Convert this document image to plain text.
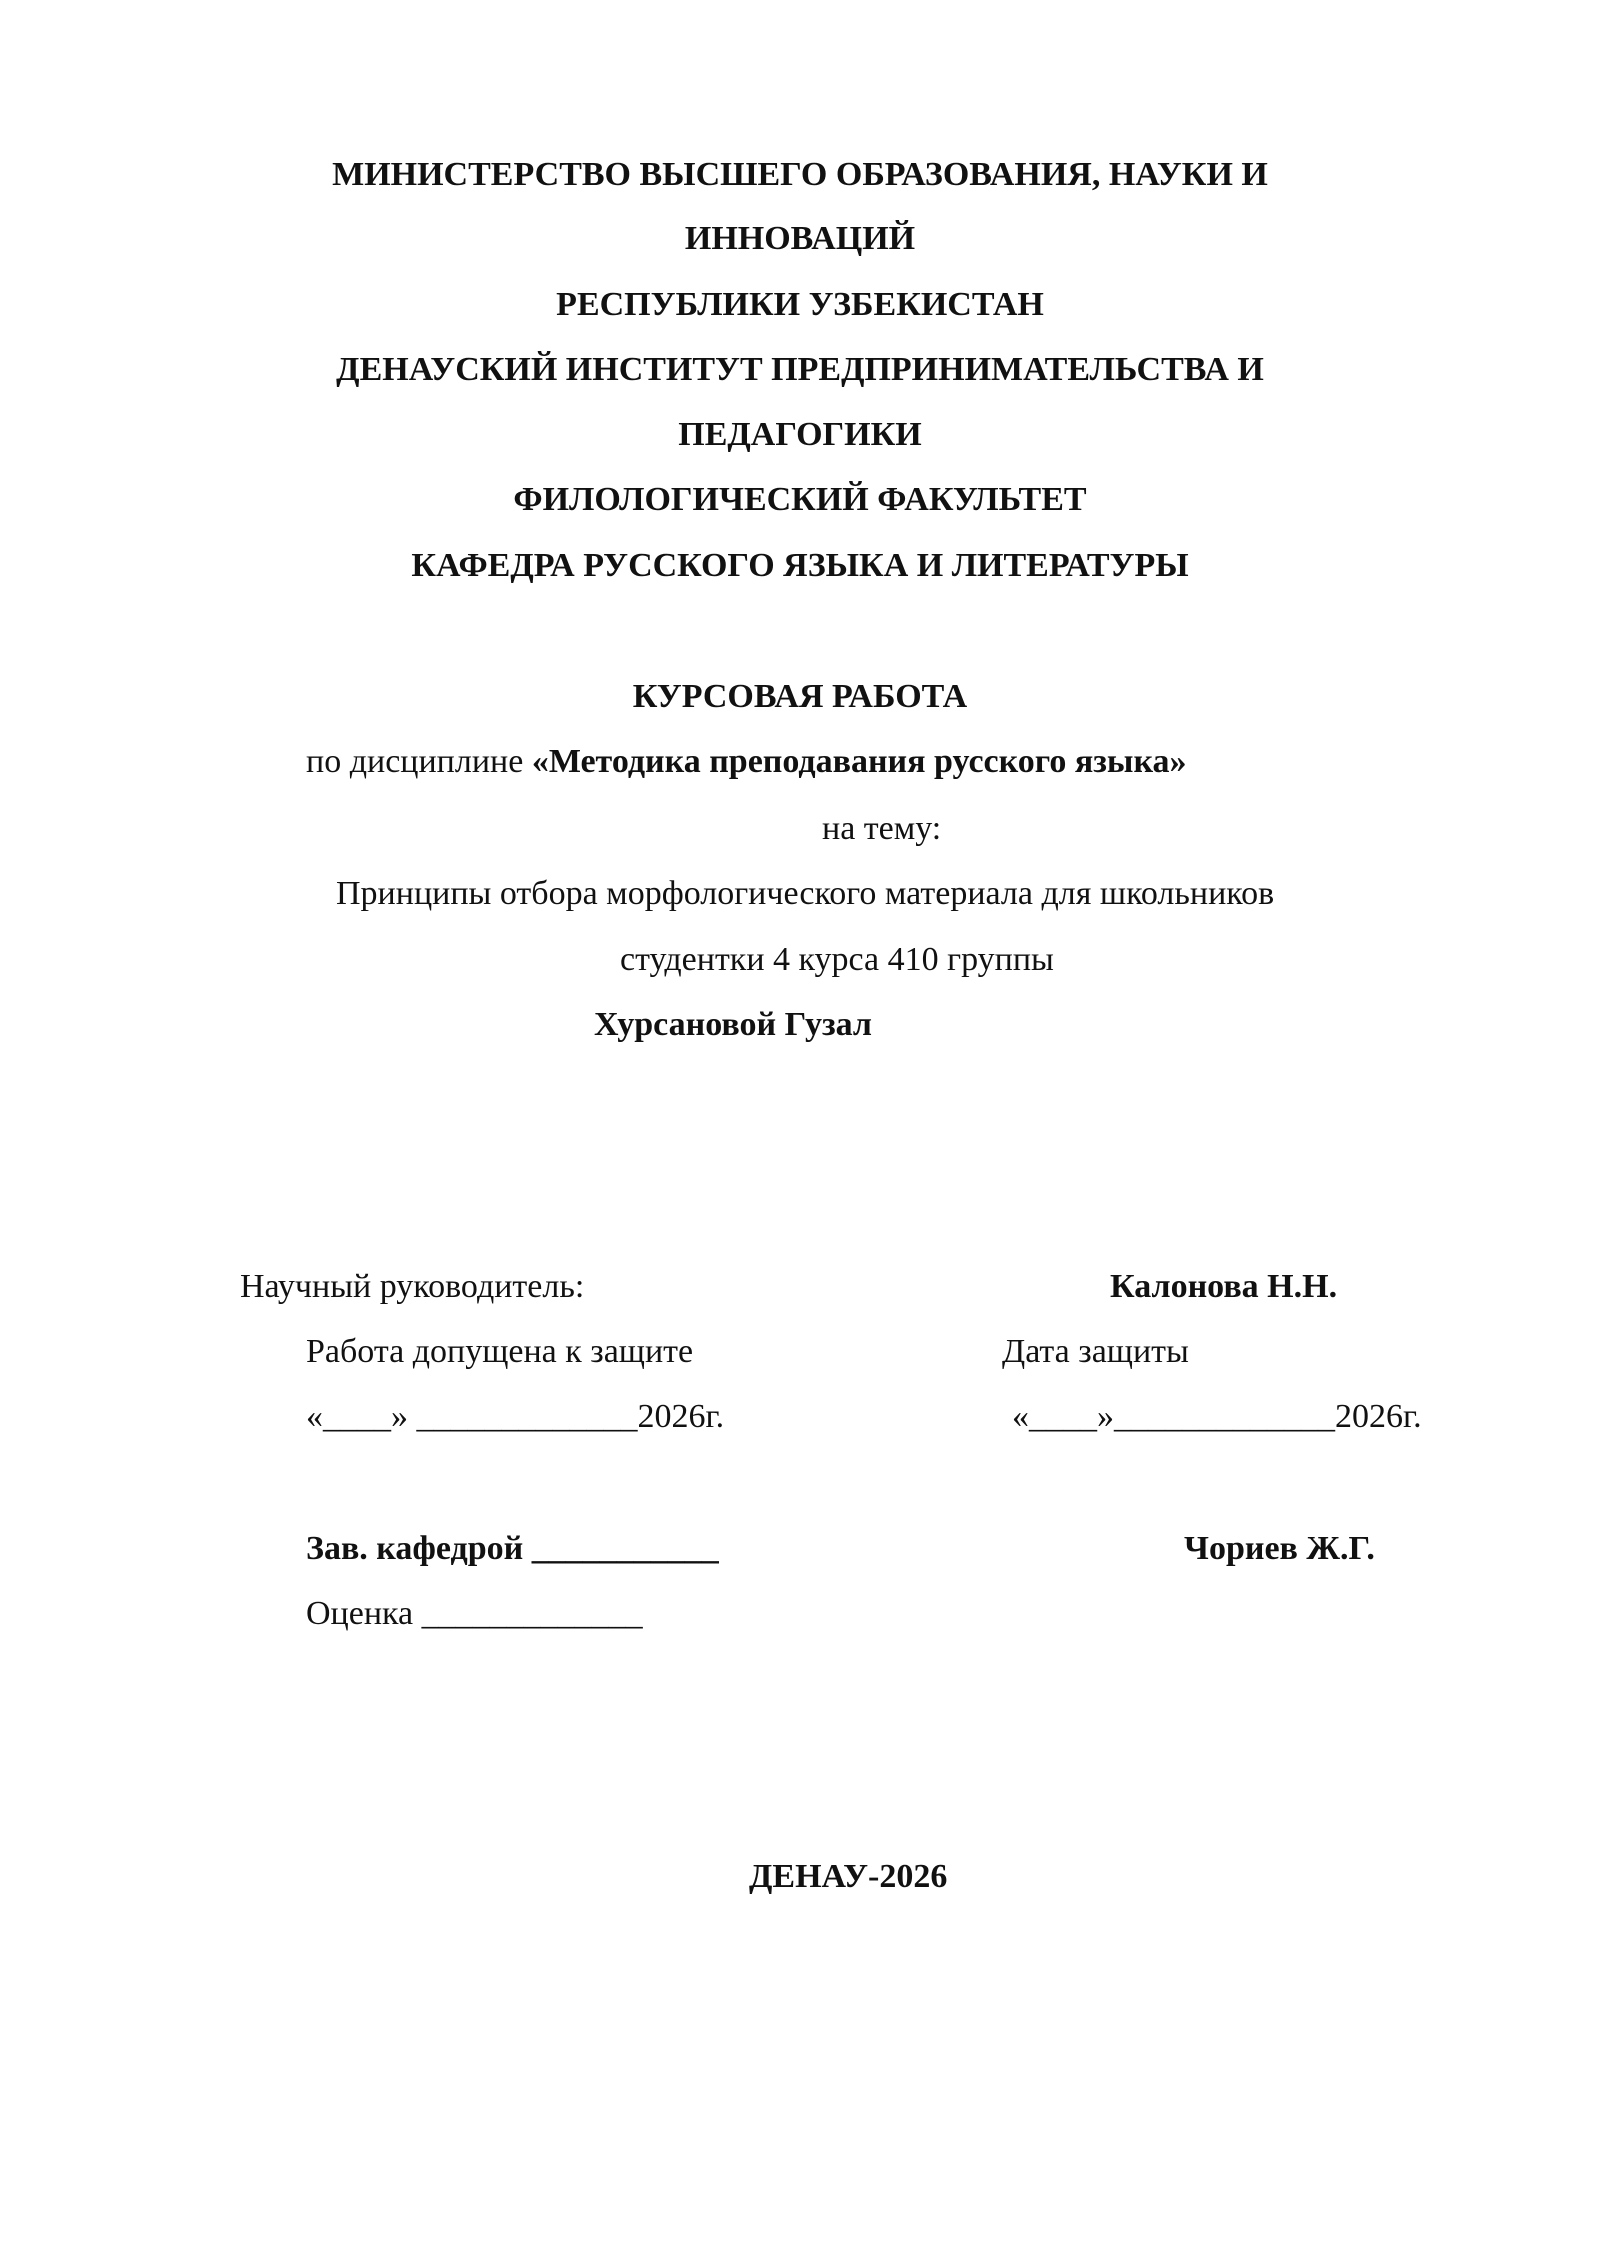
МИНИСТЕРСТВО ВЫСШЕГО ОБРАЗОВАНИЯ, НАУКИ И
ИННОВАЦИЙ
РЕСПУБЛИКИ УЗБЕКИСТАН
ДЕНАУСКИЙ ИНСТИТУТ ПРЕДПРИНИМАТЕЛЬСТВА И
ПЕДАГОГИКИ
ФИЛОЛОГИЧЕСКИЙ ФАКУЛЬТЕТ
КАФЕДРА РУССКОГО ЯЗЫКА И ЛИТЕРАТУРЫ
КУРСОВАЯ РАБОТА
по дисциплине «Методика преподавания русского языка»
на тему:
Принципы отбора морфологического материала для школьников
студентки 4 курса 410 группы
Хурсановой Гузал
Научный руководитель:	Калонова Н.Н.
Работа допущена к защите	Дата защиты
«____» _____________2026г.	«____»_____________2026г.
Зав. кафедрой ___________	Чориев Ж.Г.
Оценка _____________
ДЕНАУ-2026
